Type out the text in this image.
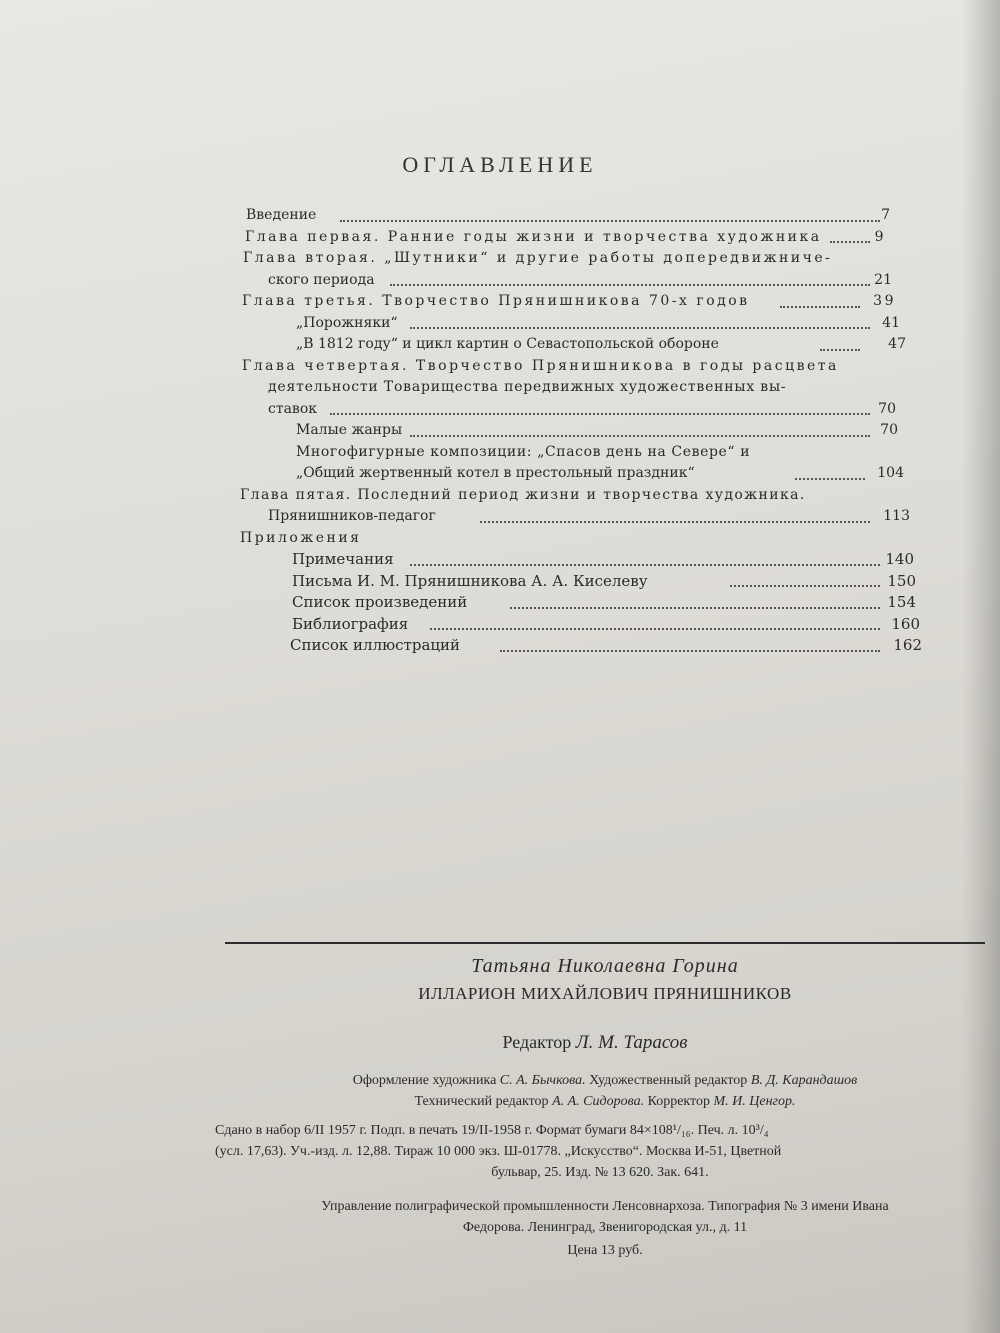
ОГЛАВЛЕНИЕ
Введение	7
Глава первая. Ранние годы жизни и творчества художника	9
Глава вторая. „Шутники“ и другие работы допередвижниче-
ского периода	21
Глава третья. Творчество Прянишникова 70-х годов	39
„Порожняки“	41
„В 1812 году“ и цикл картин о Севастопольской обороне	47
Глава четвертая. Творчество Прянишникова в годы расцвета
деятельности Товарищества передвижных художественных вы-
ставок	70
Малые жанры	70
Многофигурные композиции: „Спасов день на Севере“ и
„Общий жертвенный котел в престольный праздник“	104
Глава пятая. Последний период жизни и творчества художника.
Прянишников-педагог	113
Приложения
Примечания	140
Письма И. М. Прянишникова А. А. Киселеву	150
Список произведений	154
Библиография	160
Список иллюстраций	162
Татьяна Николаевна Горина
ИЛЛАРИОН МИХАЙЛОВИЧ ПРЯНИШНИКОВ
Редактор Л. М. Тарасов

Оформление художника С. А. Бычкова. Художественный редактор В. Д. Карандашов

Технический редактор А. А. Сидорова. Корректор М. И. Ценгор.

Сдано в набор 6/II 1957 г. Подп. в печать 19/II-1958 г. Формат бумаги 84×108¹/₁₆. Печ. л. 10³/₄

(усл. 17,63). Уч.-изд. л. 12,88. Тираж 10 000 экз. Ш-01778. „Искусство“. Москва И-51, Цветной

бульвар, 25. Изд. № 13 620. Зак. 641.

Управление полиграфической промышленности Ленсовнархоза. Типография № 3 имени Ивана

Федорова. Ленинград, Звенигородская ул., д. 11

Цена 13 руб.
